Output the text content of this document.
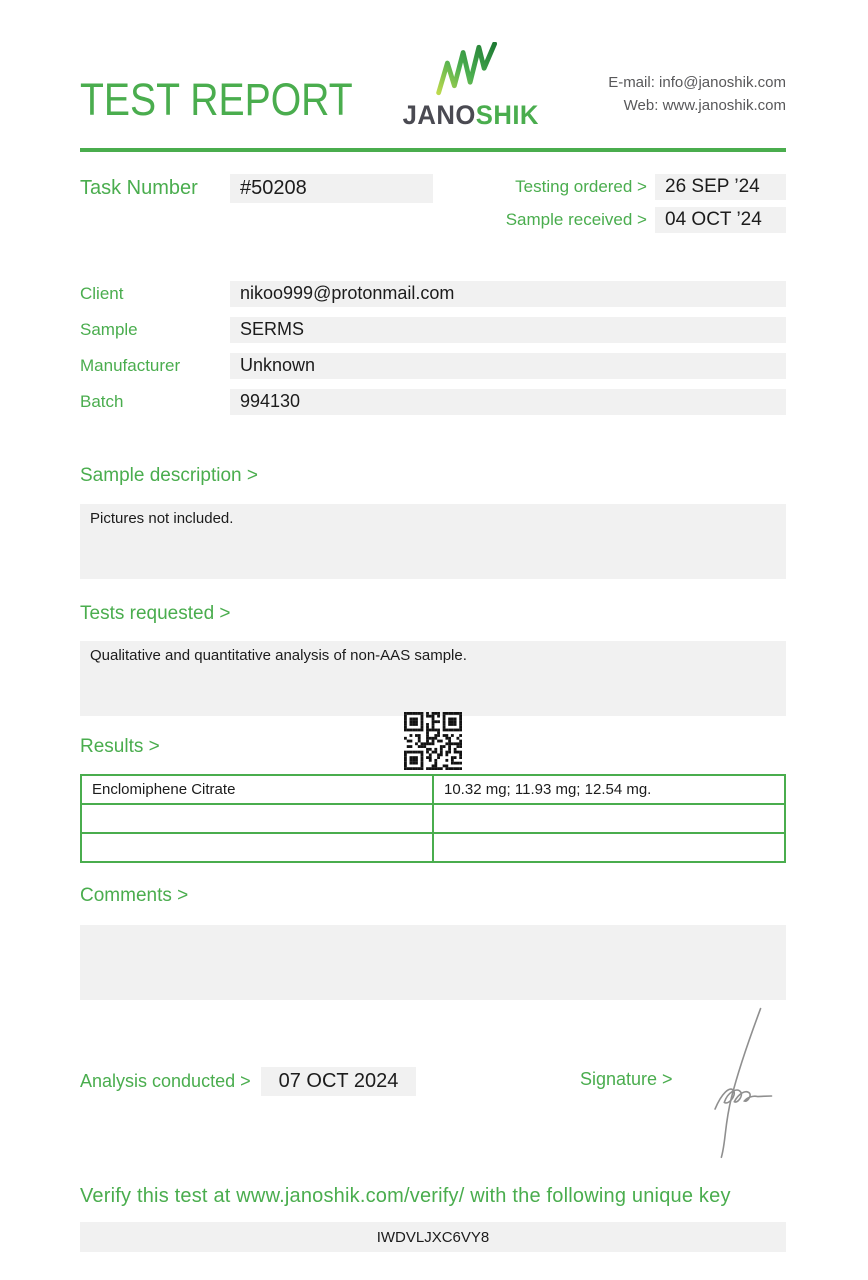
TEST REPORT JANOSHIK
E-mail: info@janoshik.com
Web: www.janoshik.com
Task Number	#50208	Testing ordered > 26 SEP ’24
Sample received > 04 OCT ’24
Client	nikoo999@protonmail.com
Sample	SERMS
Manufacturer	Unknown
Batch	994130
Sample description >
Pictures not included.
Tests requested >
Qualitative and quantitative analysis of non-AAS sample.
Results >
Enclomiphene Citrate	10.32 mg; 11.93 mg; 12.54 mg.

Comments >
Analysis conducted >	07 OCT 2024	Signature >
Verify this test at www.janoshik.com/verify/ with the following unique key
IWDVLJXC6VY8
